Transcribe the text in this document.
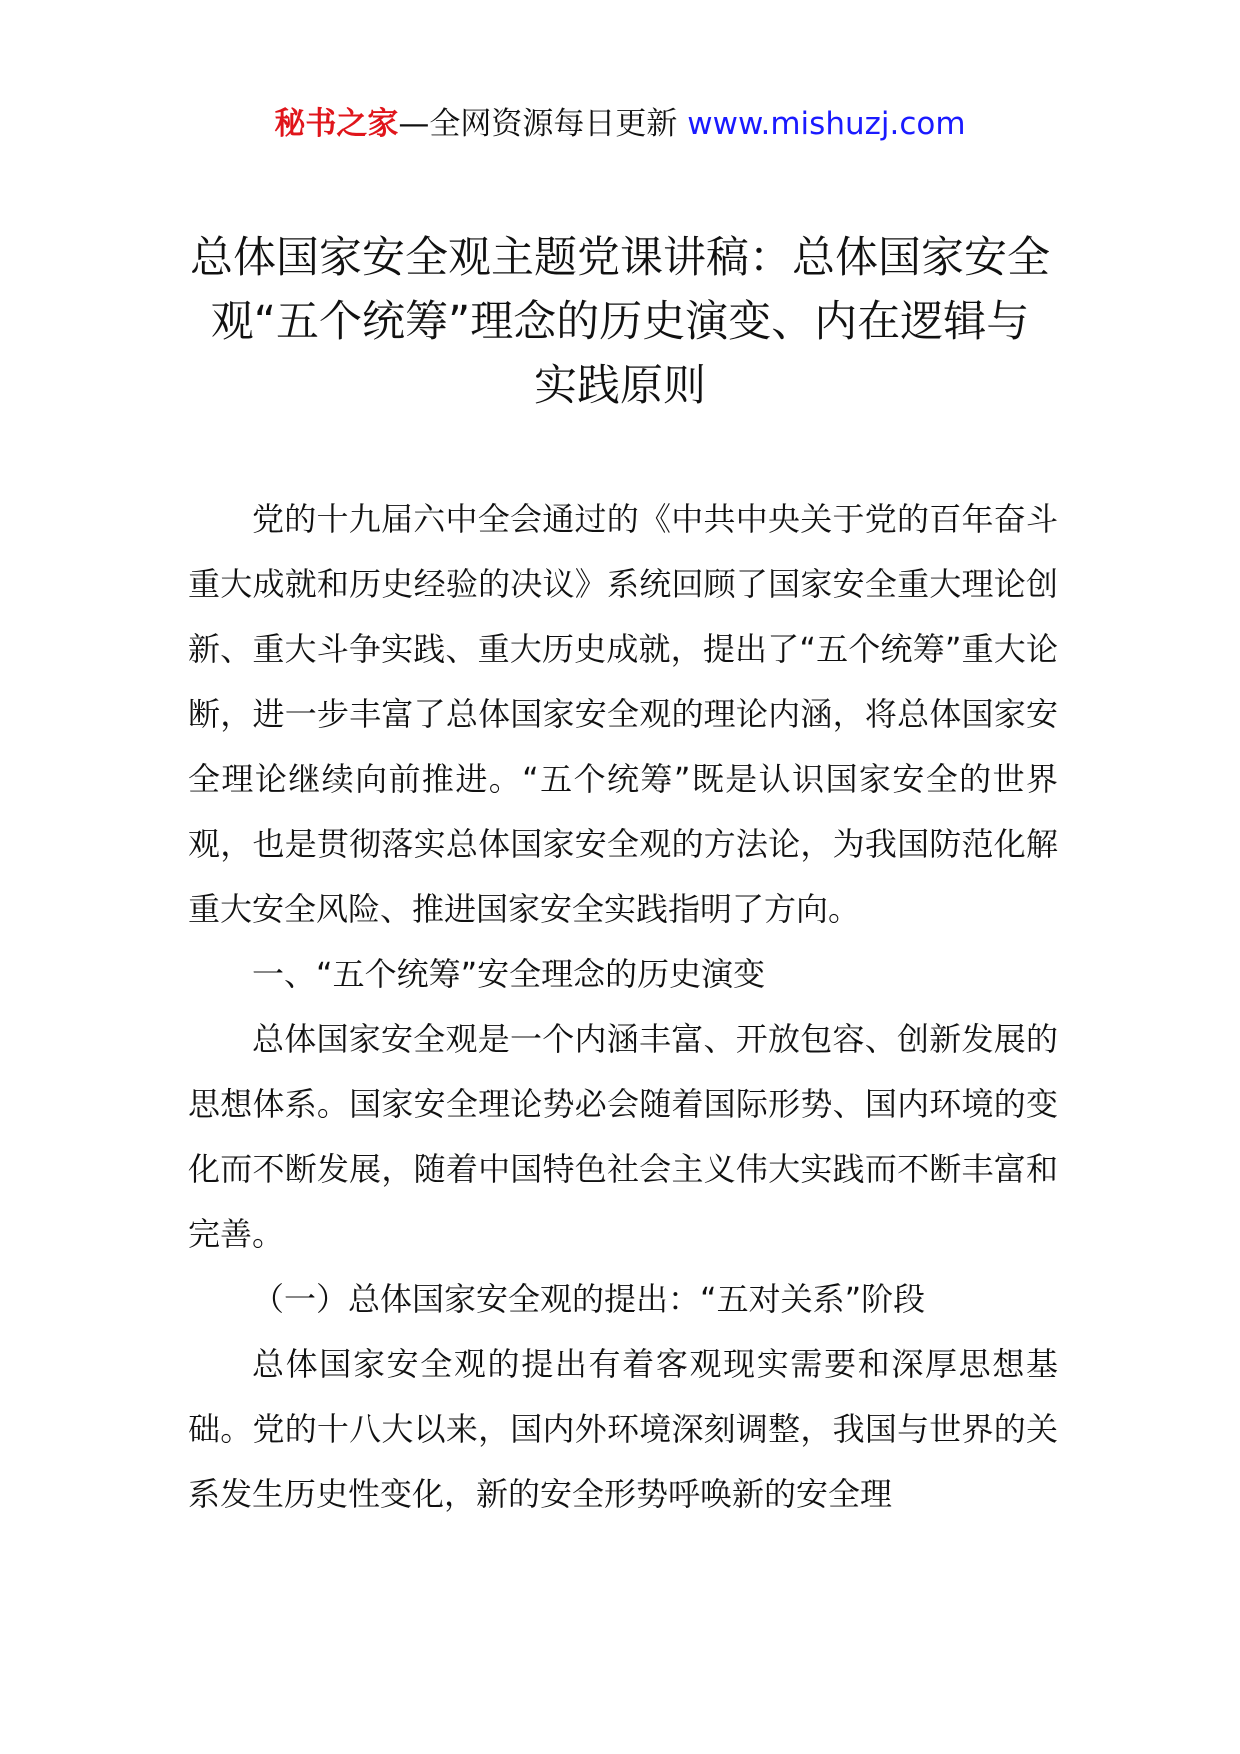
秘书之家—全网资源每日更新 www.mishuzj.com
总体国家安全观主题党课讲稿：总体国家安全观“五个统筹”理念的历史演变、内在逻辑与实践原则

党的十九届六中全会通过的《中共中央关于党的百年奋斗重大成就和历史经验的决议》系统回顾了国家安全重大理论创新、重大斗争实践、重大历史成就，提出了“五个统筹”重大论断，进一步丰富了总体国家安全观的理论内涵，将总体国家安全理论继续向前推进。“五个统筹”既是认识国家安全的世界观，也是贯彻落实总体国家安全观的方法论，为我国防范化解重大安全风险、推进国家安全实践指明了方向。

一、“五个统筹”安全理念的历史演变

总体国家安全观是一个内涵丰富、开放包容、创新发展的思想体系。国家安全理论势必会随着国际形势、国内环境的变化而不断发展，随着中国特色社会主义伟大实践而不断丰富和完善。

（一）总体国家安全观的提出：“五对关系”阶段

总体国家安全观的提出有着客观现实需要和深厚思想基础。党的十八大以来，国内外环境深刻调整，我国与世界的关系发生历史性变化，新的安全形势呼唤新的安全理
